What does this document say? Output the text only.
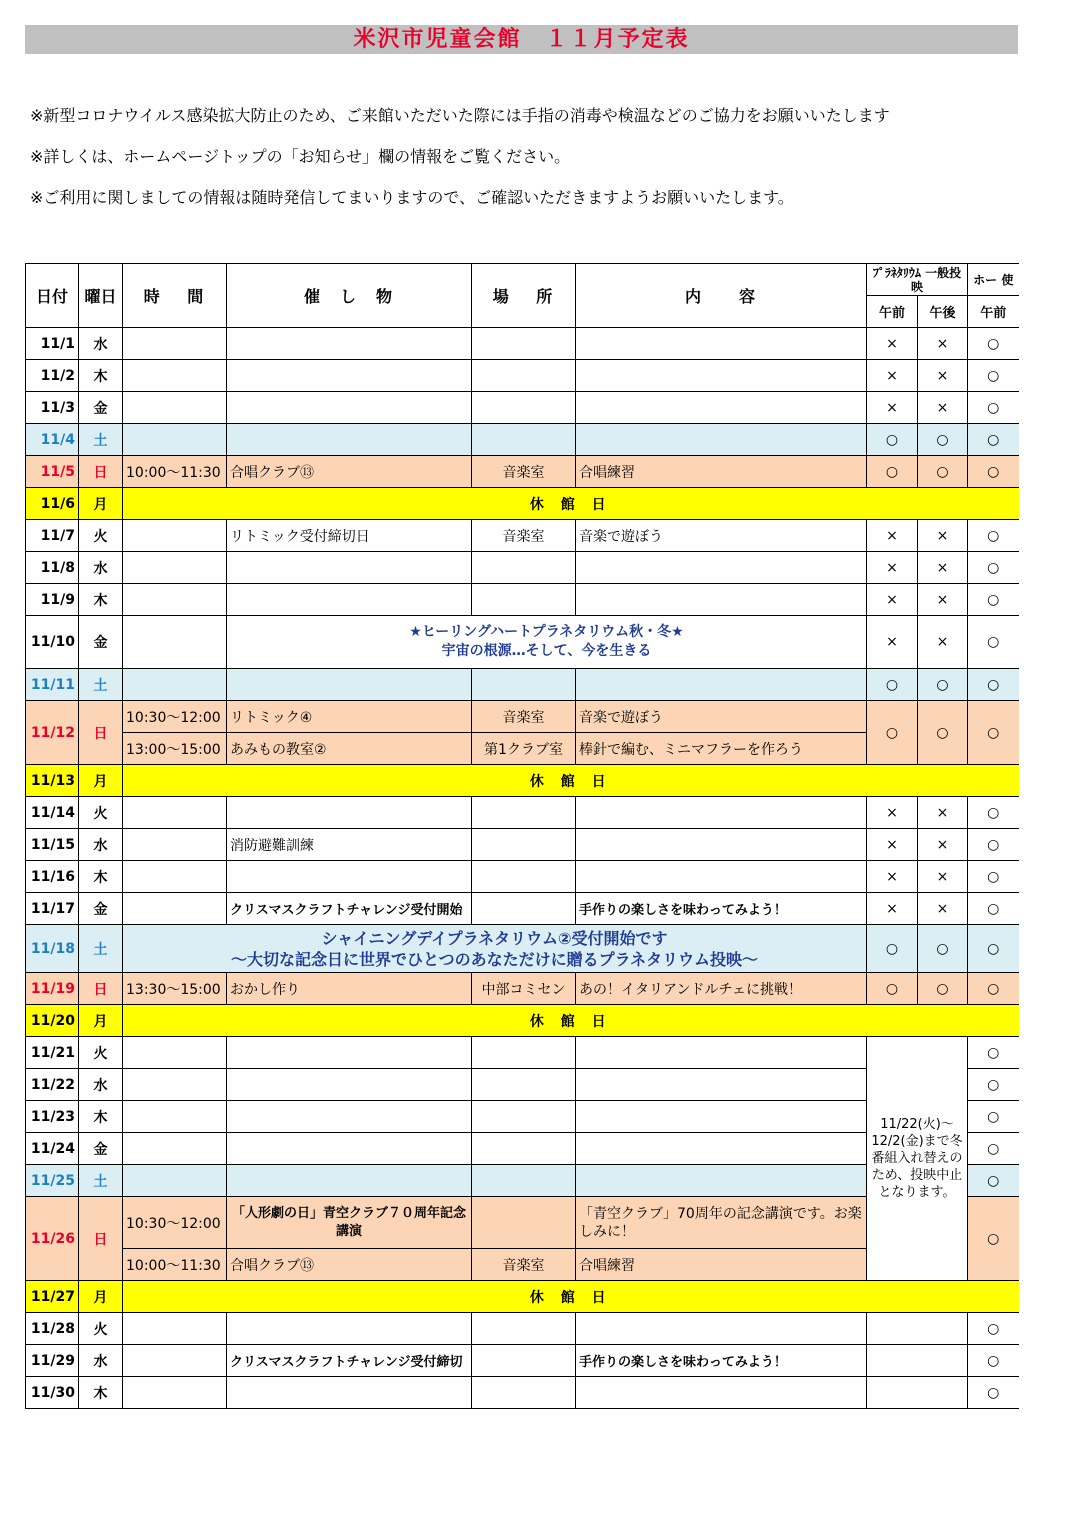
米沢市児童会館　１１月予定表
※新型コロナウイルス感染拡大防止のため、ご来館いただいた際には手指の消毒や検温などのご協力をお願いいたします
※詳しくは、ホームページトップの「お知らせ」欄の情報をご覧ください。
※ご利用に関しましての情報は随時発信してまいりますので、ご確認いただきますようお願いいたします。
日付	曜日	時　 間	催　し　物	場　 所	内　　容	ﾌﾟﾗﾈﾀﾘｳﾑ 一般投映		ホー 使
						午前	午後	午前
11/1	水					×	×	○
11/2	木					×	×	○
11/3	金					×	×	○
11/4	土					○	○	○
11/5	日	10:00～11:30	合唱クラブ⑬	音楽室	合唱練習	○	○	○
11/6	月	休 館 日						
11/7	火		リトミック受付締切日	音楽室	音楽で遊ぼう	×	×	○
11/8	水					×	×	○
11/9	木					×	×	○
11/10	金		★ヒーリングハートプラネタリウム秋・冬★
宇宙の根源…そして、今を生きる			×	×	○
11/11	土					○	○	○
11/12	日	10:30～12:00	リトミック④	音楽室	音楽で遊ぼう	○	○	○
		13:00～15:00	あみもの教室②	第1クラブ室	棒針で編む、ミニマフラーを作ろう			
11/13	月	休 館 日						
11/14	火					×	×	○
11/15	水		消防避難訓練			×	×	○
11/16	木					×	×	○
11/17	金		クリスマスクラフトチャレンジ受付開始		手作りの楽しさを味わってみよう！	×	×	○
11/18	土	シャイニングデイプラネタリウム②受付開始です
～大切な記念日に世界でひとつのあなただけに贈るプラネタリウム投映～				○	○	○
11/19	日	13:30～15:00	おかし作り	中部コミセン	あの！イタリアンドルチェに挑戦！	○	○	○
11/20	月	休 館 日						
11/21	火					11/22(火)～12/2(金)まで冬番組入れ替えのため、投映中止となります。		○
11/22	水							○
11/23	木							○
11/24	金							○
11/25	土							○
11/26	日	10:30～12:00	「人形劇の日」青空クラブ７０周年記念講演		「青空クラブ」70周年の記念講演です。お楽しみに！			○
		10:00～11:30	合唱クラブ⑬	音楽室	合唱練習			
11/27	月	休 館 日						
11/28	火							○
11/29	水		クリスマスクラフトチャレンジ受付締切		手作りの楽しさを味わってみよう！			○
11/30	木							○
